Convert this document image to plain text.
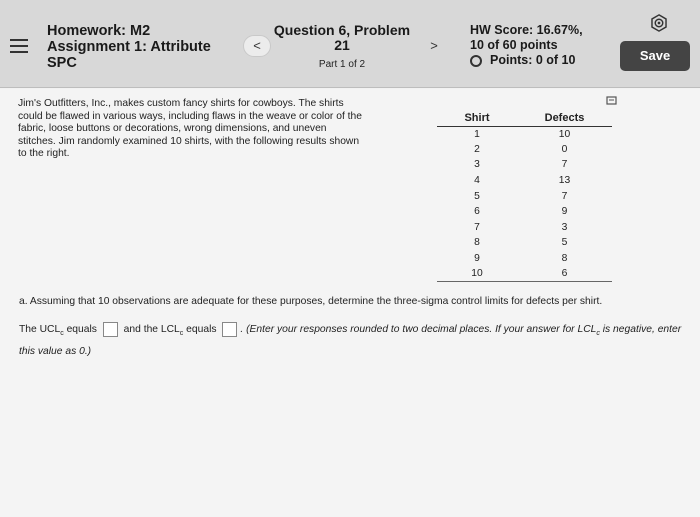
Homework: M2
Assignment 1: Attribute
SPC
<
Question 6, Problem
21
Part 1 of 2
>
HW Score: 16.67%,
10 of 60 points
Points: 0 of 10	Save
Jim's Outfitters, Inc., makes custom fancy shirts for cowboys. The shirts could be flawed in various ways, including flaws in the weave or color of the fabric, loose buttons or decorations, wrong dimensions, and uneven stitches. Jim randomly examined 10 shirts, with the following results shown to the right.
Shirt	Defects
1	10
2	0
3	7
4	13
5	7
6	9
7	3
8	5
9	8
10	6
a. Assuming that 10 observations are adequate for these purposes, determine the three-sigma control limits for defects per shirt.
The $UCL_c$ equals	and the $LCL_c$ equals . (Enter your responses rounded to two decimal places. If your answer for $LCL_c$ is negative, enter this value as 0.)
